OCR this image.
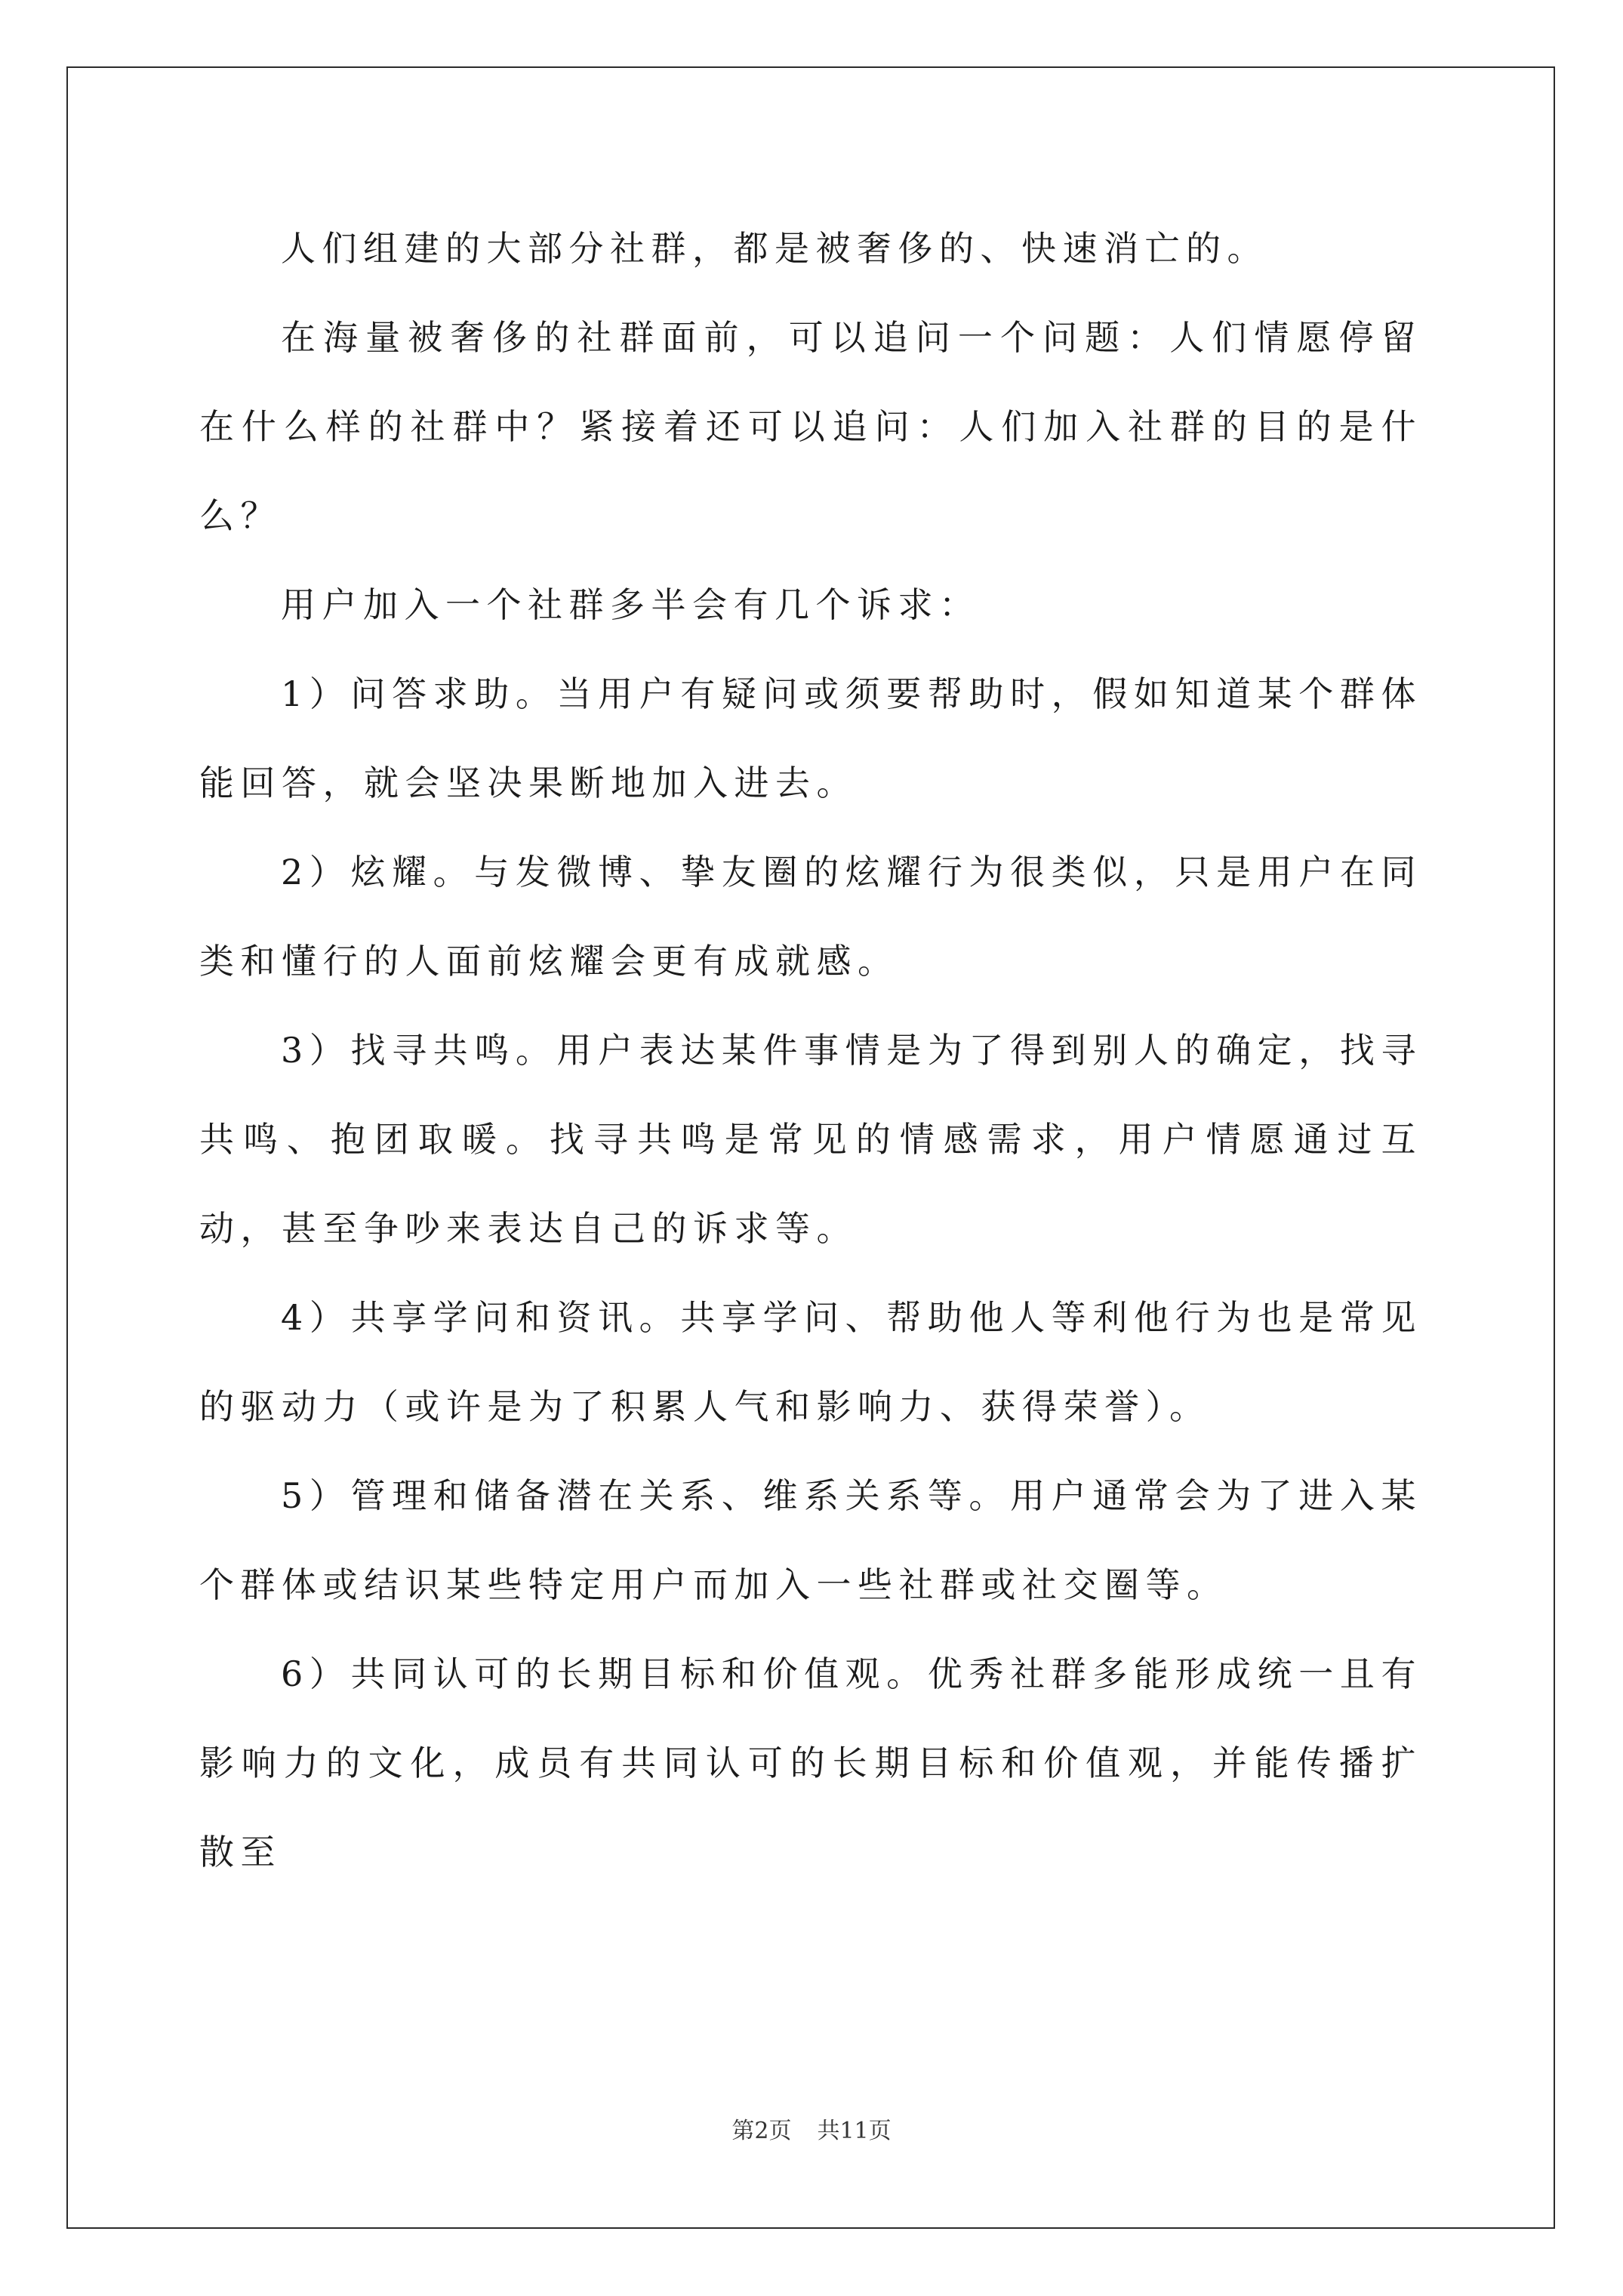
人们组建的大部分社群，都是被奢侈的、快速消亡的。

在海量被奢侈的社群面前，可以追问一个问题：人们情愿停留在什么样的社群中？紧接着还可以追问：人们加入社群的目的是什么？

用户加入一个社群多半会有几个诉求：

1）问答求助。当用户有疑问或须要帮助时，假如知道某个群体能回答，就会坚决果断地加入进去。

2）炫耀。与发微博、挚友圈的炫耀行为很类似，只是用户在同类和懂行的人面前炫耀会更有成就感。

3）找寻共鸣。用户表达某件事情是为了得到别人的确定，找寻共鸣、抱团取暖。找寻共鸣是常见的情感需求，用户情愿通过互动，甚至争吵来表达自己的诉求等。

4）共享学问和资讯。共享学问、帮助他人等利他行为也是常见的驱动力（或许是为了积累人气和影响力、获得荣誉）。

5）管理和储备潜在关系、维系关系等。用户通常会为了进入某个群体或结识某些特定用户而加入一些社群或社交圈等。

6）共同认可的长期目标和价值观。优秀社群多能形成统一且有影响力的文化，成员有共同认可的长期目标和价值观，并能传播扩散至

第2页 共11页
